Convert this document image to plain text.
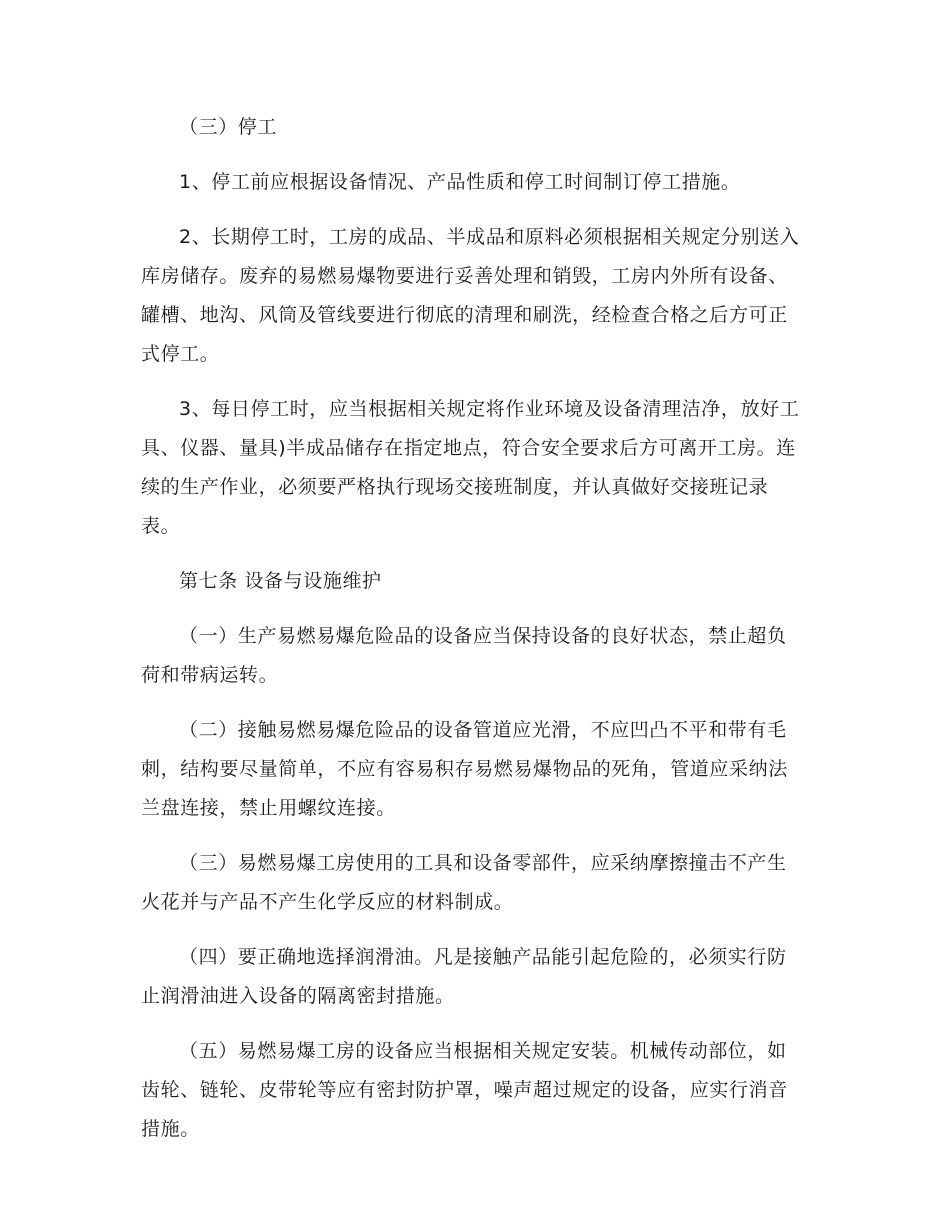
（三）停工

1、停工前应根据设备情况、产品性质和停工时间制订停工措施。

2、长期停工时，工房的成品、半成品和原料必须根据相关规定分别送入库房储存。废弃的易燃易爆物要进行妥善处理和销毁，工房内外所有设备、罐槽、地沟、风筒及管线要进行彻底的清理和刷洗，经检查合格之后方可正式停工。

3、每日停工时，应当根据相关规定将作业环境及设备清理洁净，放好工具、仪器、量具)半成品储存在指定地点，符合安全要求后方可离开工房。连续的生产作业，必须要严格执行现场交接班制度，并认真做好交接班记录表。

第七条 设备与设施维护

（一）生产易燃易爆危险品的设备应当保持设备的良好状态，禁止超负荷和带病运转。

（二）接触易燃易爆危险品的设备管道应光滑，不应凹凸不平和带有毛刺，结构要尽量简单，不应有容易积存易燃易爆物品的死角，管道应采纳法兰盘连接，禁止用螺纹连接。

（三）易燃易爆工房使用的工具和设备零部件，应采纳摩擦撞击不产生火花并与产品不产生化学反应的材料制成。

（四）要正确地选择润滑油。凡是接触产品能引起危险的，必须实行防止润滑油进入设备的隔离密封措施。

（五）易燃易爆工房的设备应当根据相关规定安装。机械传动部位，如齿轮、链轮、皮带轮等应有密封防护罩，噪声超过规定的设备，应实行消音措施。
